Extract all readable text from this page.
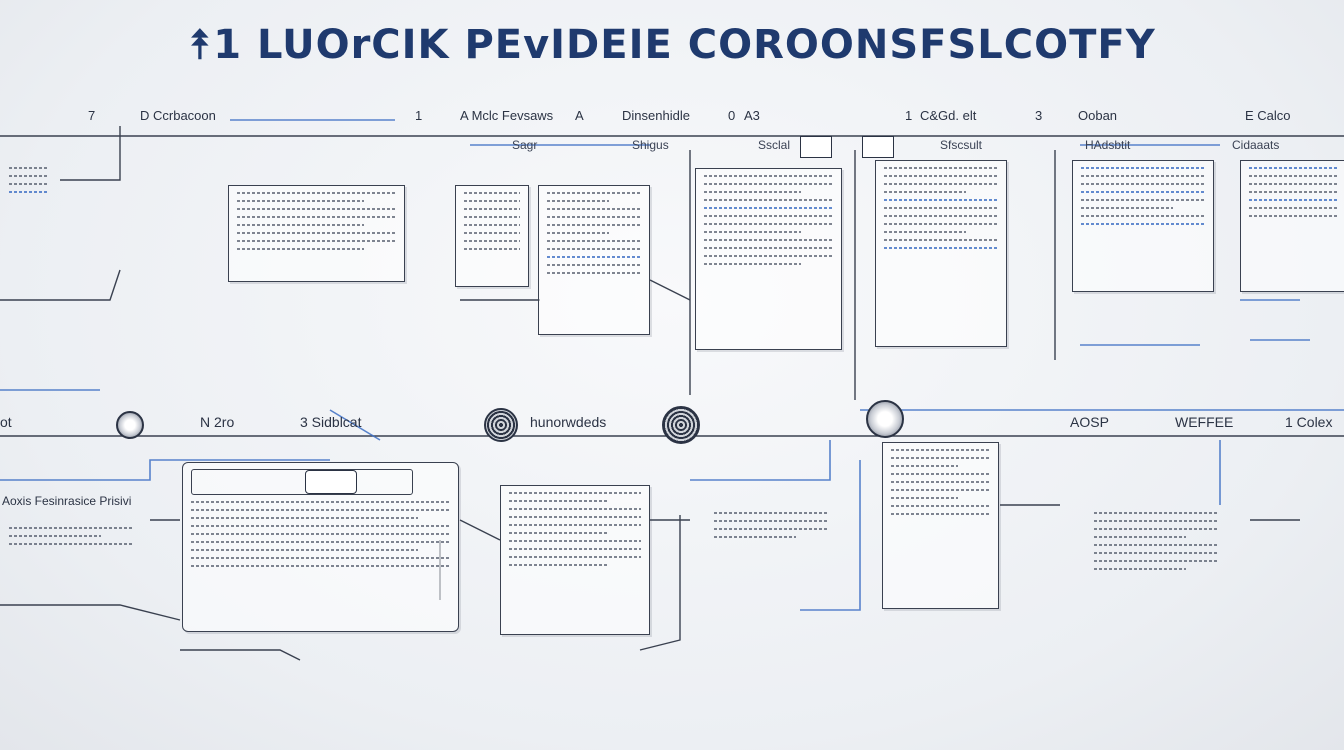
⯭1 LUOrCIK PEvIDEIE COROONSFSLCOTFY
7	D Ccrbacoon	1	A Mclc Fevsaws A	Dinsenhidle	0 A3	1 C&Gd. elt	3	Ooban	E Calco
Sagr	Shigus	Ssclal	Sfscsult	HAdsbtit	Cidaaats
ot	N 2ro	3 Sidblcat	hunorwdeds	AOSP	WEFFEE	1 Colex
Aoxis Fesinrasice Prisivi
